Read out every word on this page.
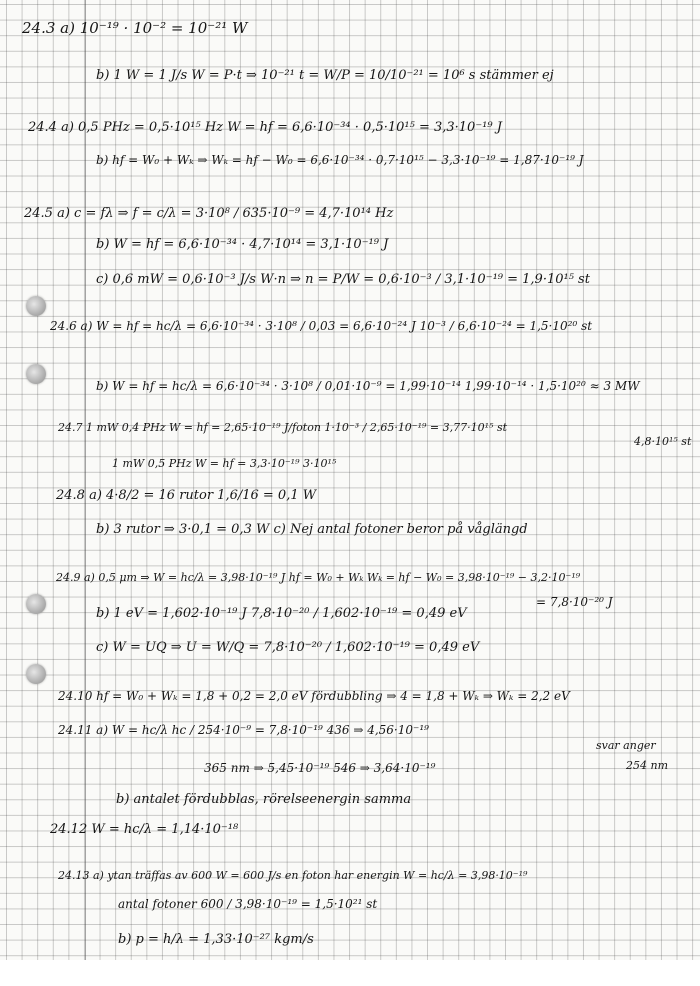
24.3 a) 10⁻¹⁹ · 10⁻² = 10⁻²¹ W
b) 1 W = 1 J/s W = P·t ⇒ 10⁻²¹ t = W/P = 10/10⁻²¹ = 10⁶ s stämmer ej
24.4 a) 0,5 PHz = 0,5·10¹⁵ Hz W = hf = 6,6·10⁻³⁴ · 0,5·10¹⁵ = 3,3·10⁻¹⁹ J
b) hf = W₀ + Wₖ ⇒ Wₖ = hf − W₀ = 6,6·10⁻³⁴ · 0,7·10¹⁵ − 3,3·10⁻¹⁹ = 1,87·10⁻¹⁹ J
24.5 a) c = fλ ⇒ f = c/λ = 3·10⁸ / 635·10⁻⁹ = 4,7·10¹⁴ Hz
b) W = hf = 6,6·10⁻³⁴ · 4,7·10¹⁴ = 3,1·10⁻¹⁹ J
c) 0,6 mW = 0,6·10⁻³ J/s W·n ⇒ n = P/W = 0,6·10⁻³ / 3,1·10⁻¹⁹ = 1,9·10¹⁵ st
24.6 a) W = hf = hc/λ = 6,6·10⁻³⁴ · 3·10⁸ / 0,03 = 6,6·10⁻²⁴ J 10⁻³ / 6,6·10⁻²⁴ = 1,5·10²⁰ st
b) W = hf = hc/λ = 6,6·10⁻³⁴ · 3·10⁸ / 0,01·10⁻⁹ = 1,99·10⁻¹⁴ 1,99·10⁻¹⁴ · 1,5·10²⁰ ≈ 3 MW
24.7 1 mW 0,4 PHz W = hf = 2,65·10⁻¹⁹ J/foton 1·10⁻³ / 2,65·10⁻¹⁹ = 3,77·10¹⁵ st
4,8·10¹⁵ st
1 mW 0,5 PHz W = hf = 3,3·10⁻¹⁹ 3·10¹⁵
24.8 a) 4·8/2 = 16 rutor 1,6/16 = 0,1 W
b) 3 rutor ⇒ 3·0,1 = 0,3 W c) Nej antal fotoner beror på våglängd
24.9 a) 0,5 μm ⇒ W = hc/λ = 3,98·10⁻¹⁹ J hf = W₀ + Wₖ Wₖ = hf − W₀ = 3,98·10⁻¹⁹ − 3,2·10⁻¹⁹
= 7,8·10⁻²⁰ J
b) 1 eV = 1,602·10⁻¹⁹ J 7,8·10⁻²⁰ / 1,602·10⁻¹⁹ = 0,49 eV
c) W = UQ ⇒ U = W/Q = 7,8·10⁻²⁰ / 1,602·10⁻¹⁹ = 0,49 eV
24.10 hf = W₀ + Wₖ = 1,8 + 0,2 = 2,0 eV fördubbling ⇒ 4 = 1,8 + Wₖ ⇒ Wₖ = 2,2 eV
24.11 a) W = hc/λ hc / 254·10⁻⁹ = 7,8·10⁻¹⁹ 436 ⇒ 4,56·10⁻¹⁹
svar anger
365 nm ⇒ 5,45·10⁻¹⁹ 546 ⇒ 3,64·10⁻¹⁹	254 nm
b) antalet fördubblas, rörelseenergin samma
24.12 W = hc/λ = 1,14·10⁻¹⁸
24.13 a) ytan träffas av 600 W = 600 J/s en foton har energin W = hc/λ = 3,98·10⁻¹⁹
antal fotoner 600 / 3,98·10⁻¹⁹ = 1,5·10²¹ st
b) p = h/λ = 1,33·10⁻²⁷ kgm/s
